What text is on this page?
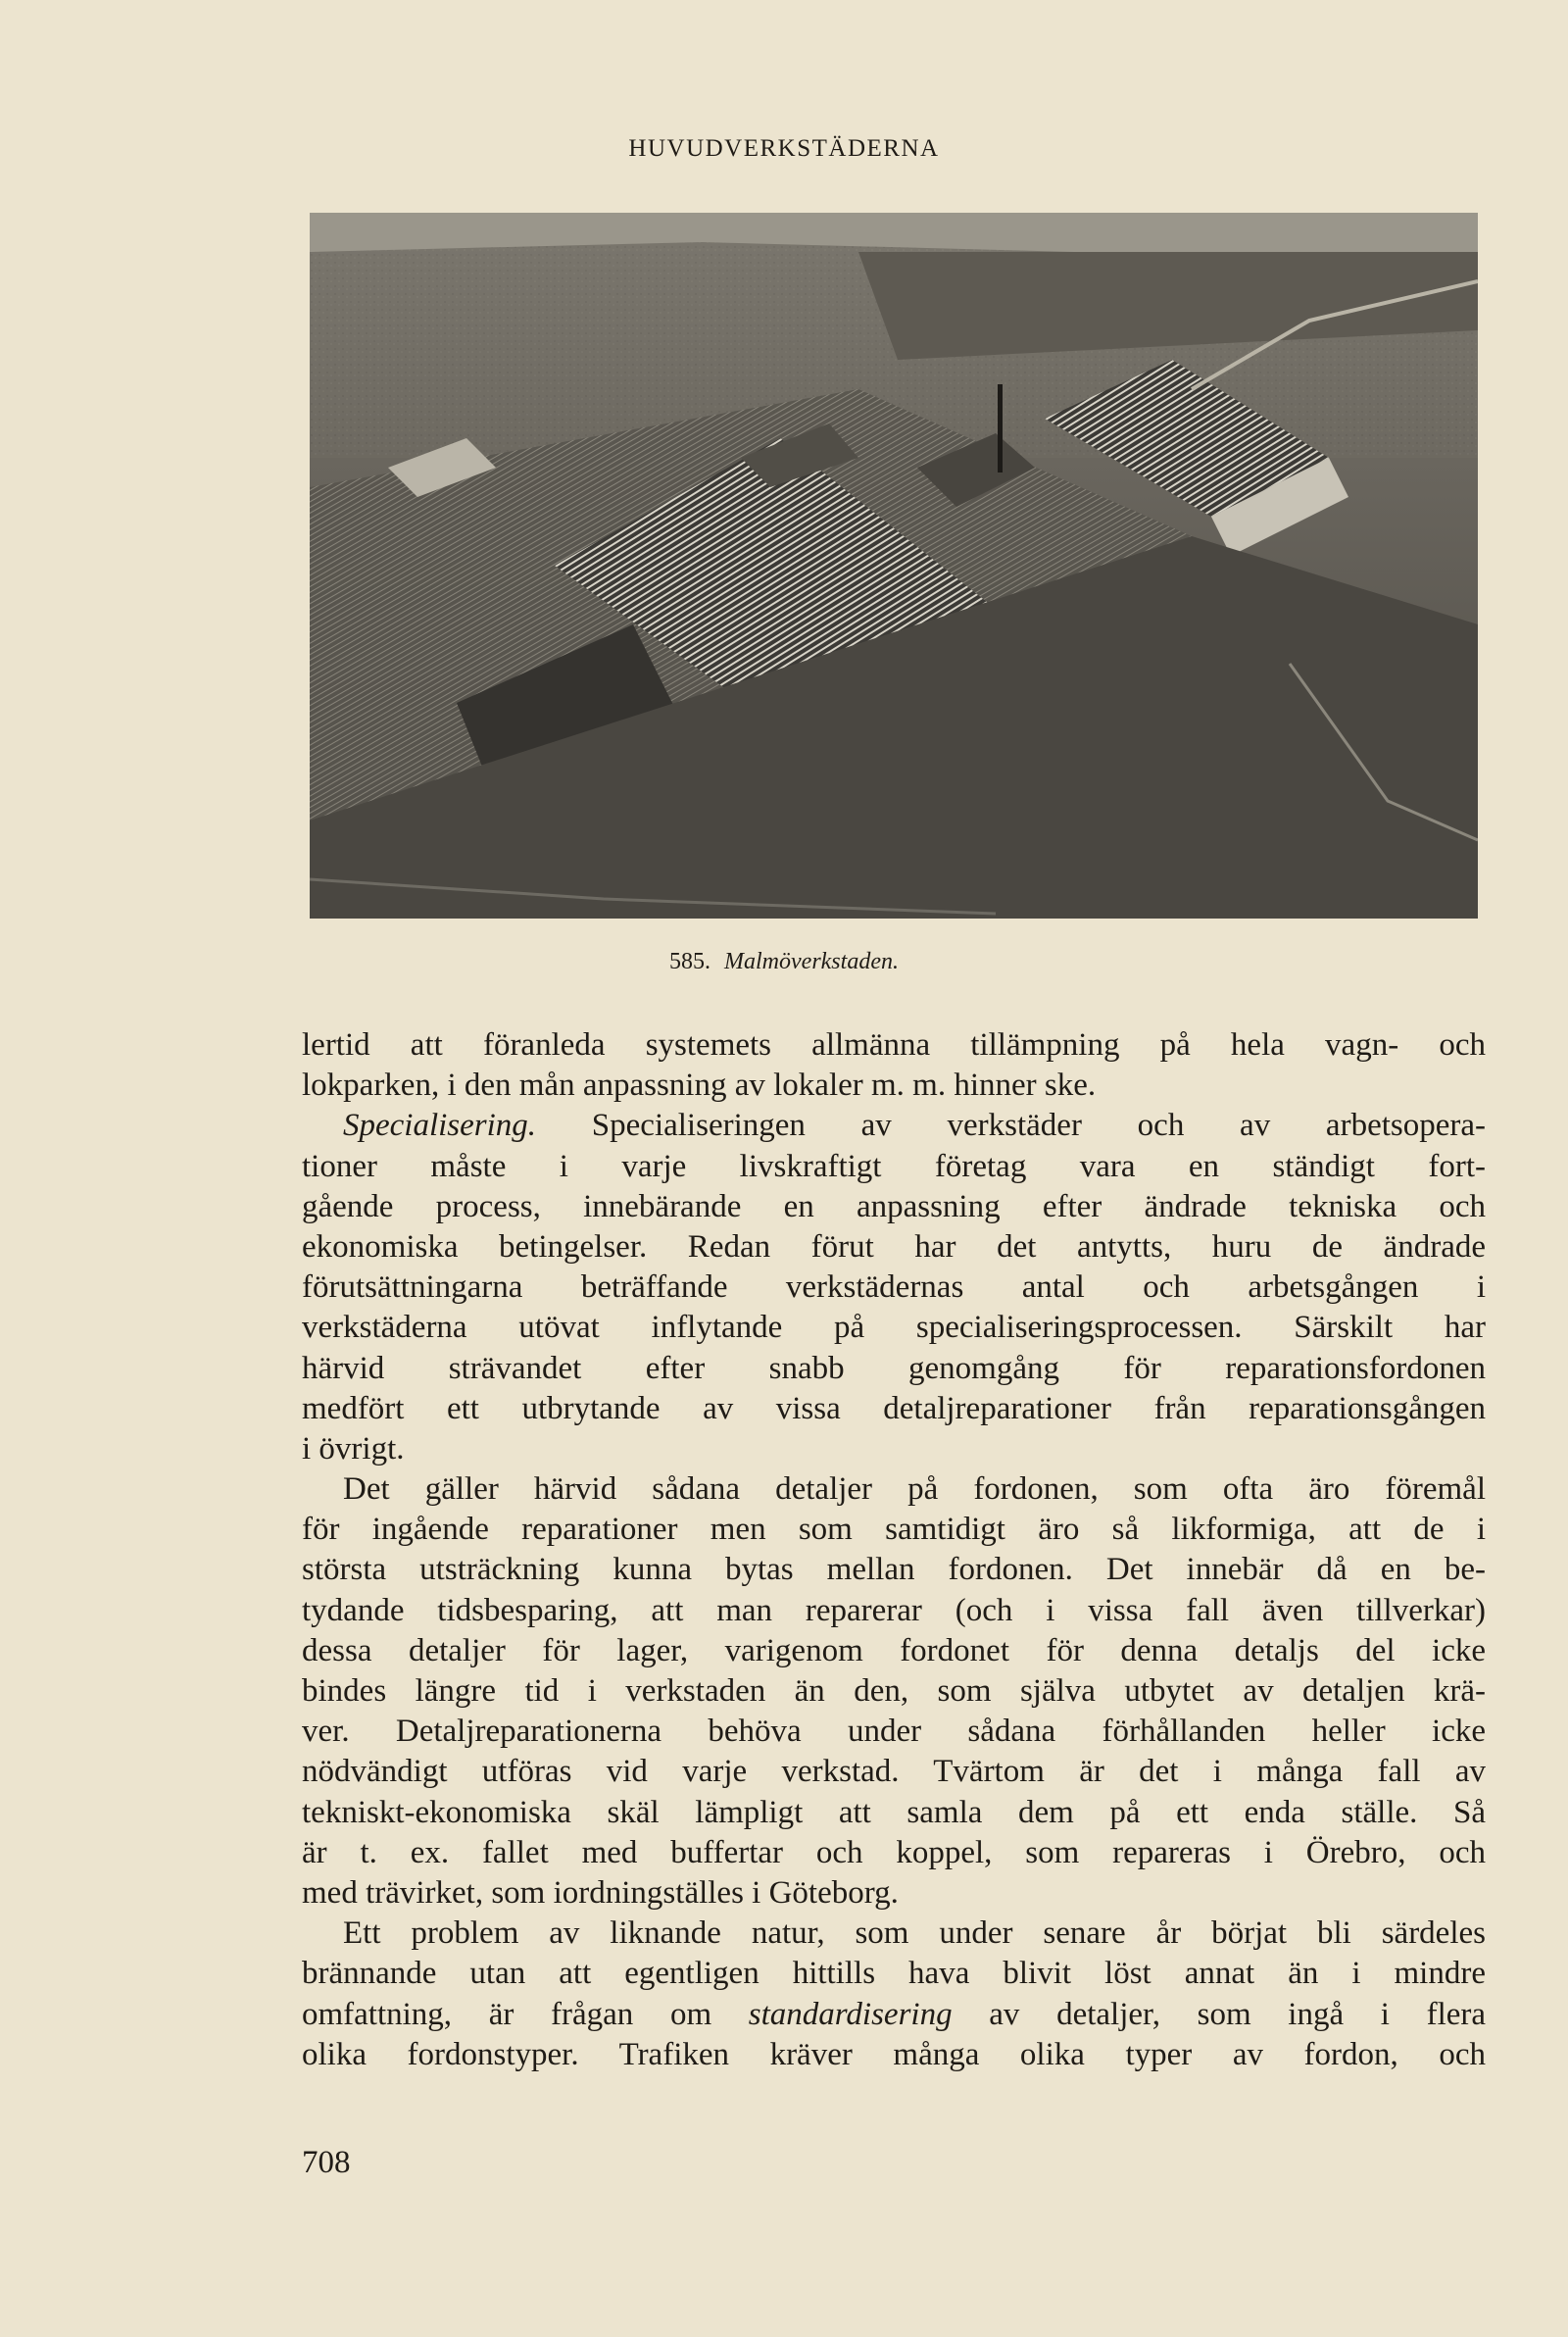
HUVUDVERKSTÄDERNA
585. Malmöverkstaden.
lertid att föranleda systemets allmänna tillämpning på hela vagn- och
lokparken, i den mån anpassning av lokaler m. m. hinner ske.
Specialisering. Specialiseringen av verkstäder och av arbetsopera-
tioner måste i varje livskraftigt företag vara en ständigt fort-
gående process, innebärande en anpassning efter ändrade tekniska och
ekonomiska betingelser. Redan förut har det antytts, huru de ändrade
förutsättningarna beträffande verkstädernas antal och arbetsgången i
verkstäderna utövat inflytande på specialiseringsprocessen. Särskilt har
härvid strävandet efter snabb genomgång för reparationsfordonen
medfört ett utbrytande av vissa detaljreparationer från reparationsgången
i övrigt.
Det gäller härvid sådana detaljer på fordonen, som ofta äro föremål
för ingående reparationer men som samtidigt äro så likformiga, att de i
största utsträckning kunna bytas mellan fordonen. Det innebär då en be-
tydande tidsbesparing, att man reparerar (och i vissa fall även tillverkar)
dessa detaljer för lager, varigenom fordonet för denna detaljs del icke
bindes längre tid i verkstaden än den, som själva utbytet av detaljen krä-
ver. Detaljreparationerna behöva under sådana förhållanden heller icke
nödvändigt utföras vid varje verkstad. Tvärtom är det i många fall av
tekniskt-ekonomiska skäl lämpligt att samla dem på ett enda ställe. Så
är t. ex. fallet med buffertar och koppel, som repareras i Örebro, och
med trävirket, som iordningställes i Göteborg.
Ett problem av liknande natur, som under senare år börjat bli särdeles
brännande utan att egentligen hittills hava blivit löst annat än i mindre
omfattning, är frågan om standardisering av detaljer, som ingå i flera
olika fordonstyper. Trafiken kräver många olika typer av fordon, och
708
